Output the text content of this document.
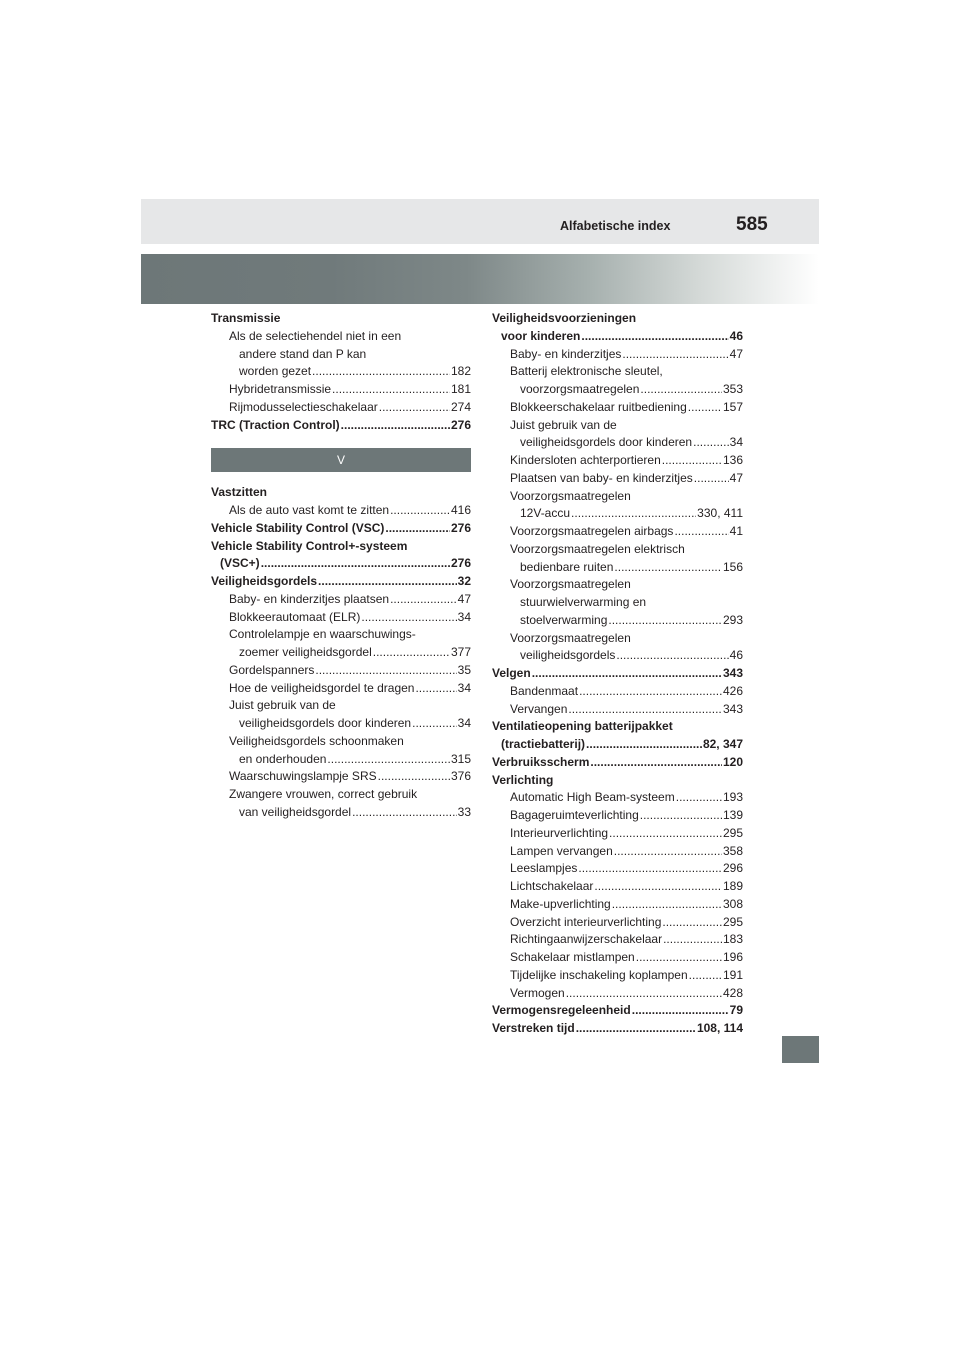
Alfabetische index	585
Transmissie
Als de selectiehendel niet in een
andere stand dan P kan
worden gezet .....	182
Hybridetransmissie .....	181
Rijmodusselectieschakelaar .....	274
TRC (Traction Control) .....	276
V
Vastzitten
Als de auto vast komt te zitten .....	416
Vehicle Stability Control (VSC) .....	276
Vehicle Stability Control+-systeem
(VSC+) .....	276
Veiligheidsgordels .....	32
Baby- en kinderzitjes plaatsen .....	47
Blokkeerautomaat (ELR) .....	34
Controlelampje en waarschuwings-
zoemer veiligheidsgordel .....	377
Gordelspanners .....	35
Hoe de veiligheidsgordel te dragen .....	34
Juist gebruik van de
veiligheidsgordels door kinderen .....	34
Veiligheidsgordels schoonmaken
en onderhouden .....	315
Waarschuwingslampje SRS .....	376
Zwangere vrouwen, correct gebruik
van veiligheidsgordel .....	33
Veiligheidsvoorzieningen
voor kinderen .....	46
Baby- en kinderzitjes .....	47
Batterij elektronische sleutel,
voorzorgsmaatregelen .....	353
Blokkeerschakelaar ruitbediening .....	157
Juist gebruik van de
veiligheidsgordels door kinderen .....	34
Kindersloten achterportieren .....	136
Plaatsen van baby- en kinderzitjes .....	47
Voorzorgsmaatregelen
12V-accu .....	330, 411
Voorzorgsmaatregelen airbags .....	41
Voorzorgsmaatregelen elektrisch
bedienbare ruiten .....	156
Voorzorgsmaatregelen
stuurwielverwarming en
stoelverwarming .....	293
Voorzorgsmaatregelen
veiligheidsgordels .....	46
Velgen .....	343
Bandenmaat .....	426
Vervangen .....	343
Ventilatieopening batterijpakket
(tractiebatterij) .....	82, 347
Verbruiksscherm .....	120
Verlichting
Automatic High Beam-systeem .....	193
Bagageruimteverlichting .....	139
Interieurverlichting .....	295
Lampen vervangen .....	358
Leeslampjes .....	296
Lichtschakelaar .....	189
Make-upverlichting .....	308
Overzicht interieurverlichting .....	295
Richtingaanwijzerschakelaar .....	183
Schakelaar mistlampen .....	196
Tijdelijke inschakeling koplampen .....	191
Vermogen .....	428
Vermogensregeleenheid .....	79
Verstreken tijd .....	108, 114
